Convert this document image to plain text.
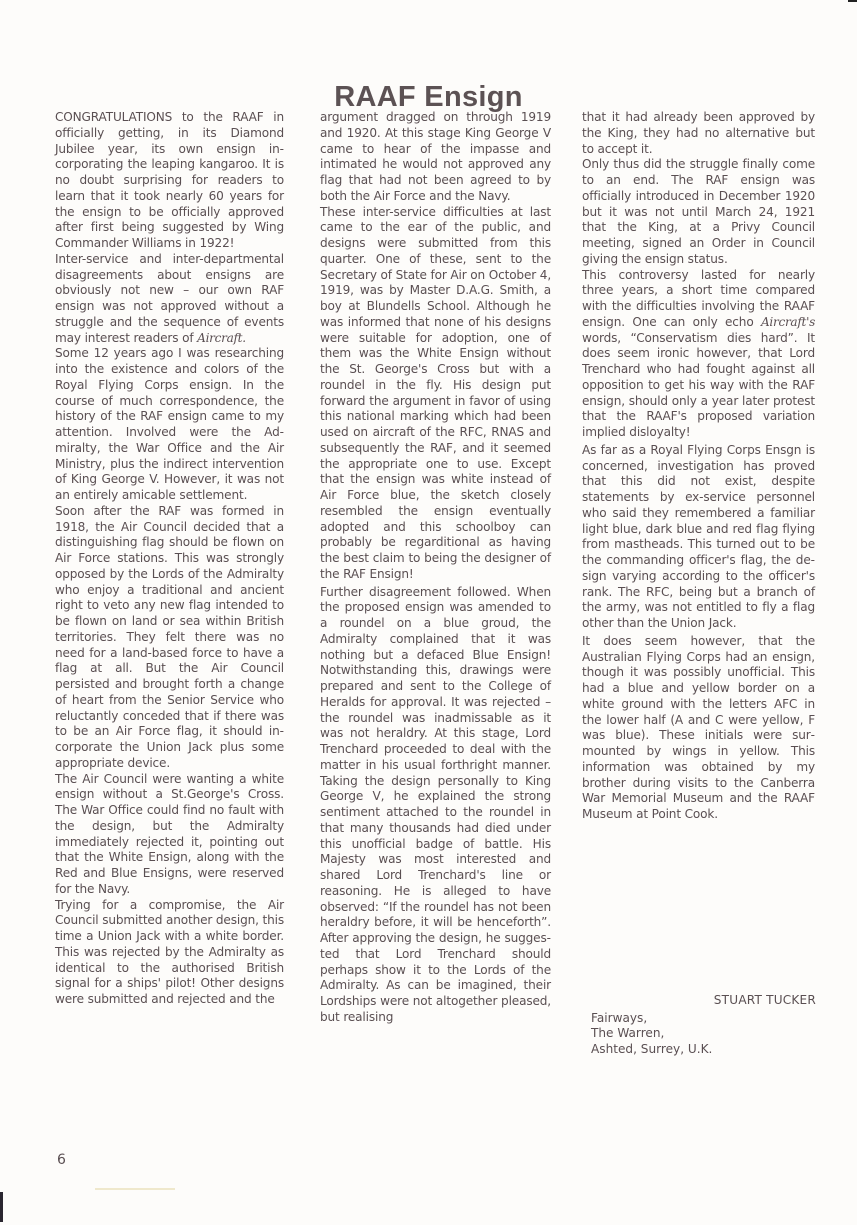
RAAF Ensign

CONGRATULATIONS to the RAAF in officially getting, in its Diamond Jubilee year, its own ensign incorporating the leaping kangaroo. It is no doubt surprising for readers to learn that it took nearly 60 years for the ensign to be officially approved after first being suggested by Wing Commander Williams in 1922!

Inter-service and inter-departmental disagreements about ensigns are obviously not new – our own RAF ensign was not approved without a struggle and the sequence of events may interest readers of Aircraft.

Some 12 years ago I was researching into the existence and colors of the Royal Flying Corps ensign. In the course of much correspondence, the history of the RAF ensign came to my attention. Involved were the Admiralty, the War Office and the Air Ministry, plus the indirect intervention of King George V. However, it was not an entirely amicable settlement.

Soon after the RAF was formed in 1918, the Air Council decided that a distinguishing flag should be flown on Air Force stations. This was strongly opposed by the Lords of the Admiralty who enjoy a traditional and ancient right to veto any new flag intended to be flown on land or sea within British territories. They felt there was no need for a land-based force to have a flag at all. But the Air Council persisted and brought forth a change of heart from the Senior Service who reluctantly conceded that if there was to be an Air Force flag, it should incorporate the Union Jack plus some appropriate device.

The Air Council were wanting a white ensign without a St.George's Cross. The War Office could find no fault with the design, but the Admiralty immediately rejected it, pointing out that the White Ensign, along with the Red and Blue Ensigns, were reserved for the Navy.

Trying for a compromise, the Air Council submitted another design, this time a Union Jack with a white border. This was rejected by the Admiralty as identical to the authorised British signal for a ships' pilot! Other designs were submitted and rejected and the

argument dragged on through 1919 and 1920. At this stage King George V came to hear of the impasse and intimated he would not approved any flag that had not been agreed to by both the Air Force and the Navy.

These inter-service difficulties at last came to the ear of the public, and designs were submitted from this quarter. One of these, sent to the Secretary of State for Air on October 4, 1919, was by Master D.A.G. Smith, a boy at Blundells School. Although he was informed that none of his designs were suitable for adoption, one of them was the White Ensign without the St. George's Cross but with a roundel in the fly. His design put forward the argument in favor of using this national marking which had been used on aircraft of the RFC, RNAS and subsequently the RAF, and it seemed the appropriate one to use. Except that the ensign was white instead of Air Force blue, the sketch closely resembled the ensign eventually adopted and this schoolboy can probably be regarditional as having the best claim to being the designer of the RAF Ensign!

Further disagreement followed. When the proposed ensign was amended to a roundel on a blue groud, the Admiralty complained that it was nothing but a defaced Blue Ensign! Notwithstanding this, drawings were prepared and sent to the College of Heralds for approval. It was rejected – the roundel was inadmissable as it was not heraldry. At this stage, Lord Trenchard proceeded to deal with the matter in his usual forthright manner. Taking the design personally to King George V, he explained the strong sentiment attached to the roundel in that many thousands had died under this unofficial badge of battle. His Majesty was most interested and shared Lord Trenchard's line or reasoning. He is alleged to have observed: “If the roundel has not been heraldry before, it will be henceforth”. After approving the design, he suggested that Lord Trenchard should perhaps show it to the Lords of the Admiralty. As can be imagined, their Lordships were not altogether pleased, but realising

that it had already been approved by the King, they had no alternative but to accept it.

Only thus did the struggle finally come to an end. The RAF ensign was officially introduced in December 1920 but it was not until March 24, 1921 that the King, at a Privy Council meeting, signed an Order in Council giving the ensign status.

This controversy lasted for nearly three years, a short time compared with the difficulties involving the RAAF ensign. One can only echo Aircraft's words, “Conservatism dies hard”. It does seem ironic however, that Lord Trenchard who had fought against all opposition to get his way with the RAF ensign, should only a year later protest that the RAAF's proposed variation implied disloyalty!

As far as a Royal Flying Corps Ensgn is concerned, investigation has proved that this did not exist, despite statements by ex-service personnel who said they remembered a familiar light blue, dark blue and red flag flying from mastheads. This turned out to be the commanding officer's flag, the design varying according to the officer's rank. The RFC, being but a branch of the army, was not entitled to fly a flag other than the Union Jack.

It does seem however, that the Australian Flying Corps had an ensign, though it was possibly unofficial. This had a blue and yellow border on a white ground with the letters AFC in the lower half (A and C were yellow, F was blue). These initials were surmounted by wings in yellow. This information was obtained by my brother during visits to the Canberra War Memorial Museum and the RAAF Museum at Point Cook.

STUART TUCKER
Fairways,
The Warren,
Ashted, Surrey, U.K.
6
